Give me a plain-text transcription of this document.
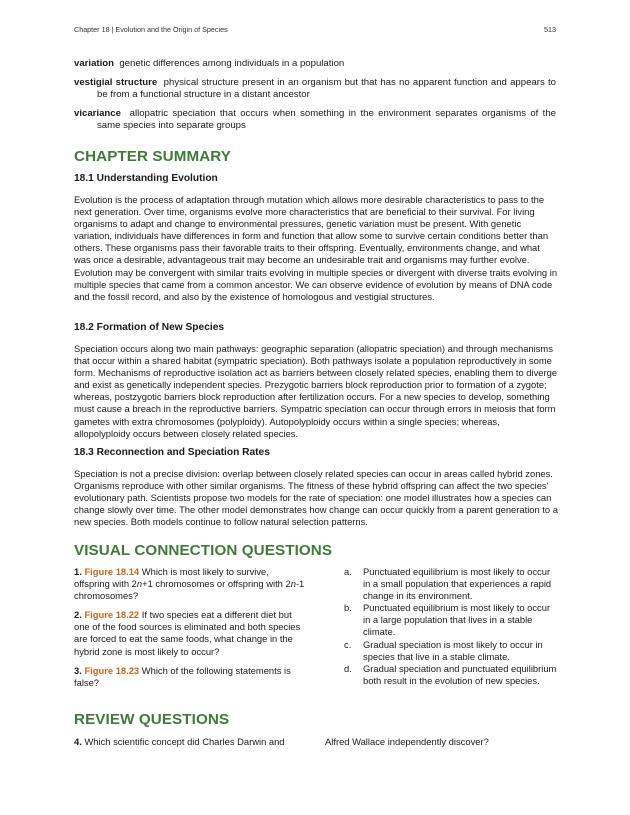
Chapter 18 | Evolution and the Origin of Species	513

variation genetic differences among individuals in a population

vestigial structure physical structure present in an organism but that has no apparent function and appears to be from a functional structure in a distant ancestor

vicariance allopatric speciation that occurs when something in the environment separates organisms of the same species into separate groups

CHAPTER SUMMARY
18.1 Understanding Evolution

Evolution is the process of adaptation through mutation which allows more desirable characteristics to pass to the next generation. Over time, organisms evolve more characteristics that are beneficial to their survival. For living organisms to adapt and change to environmental pressures, genetic variation must be present. With genetic variation, individuals have differences in form and function that allow some to survive certain conditions better than others. These organisms pass their favorable traits to their offspring. Eventually, environments change, and what was once a desirable, advantageous trait may become an undesirable trait and organisms may further evolve. Evolution may be convergent with similar traits evolving in multiple species or divergent with diverse traits evolving in multiple species that came from a common ancestor. We can observe evidence of evolution by means of DNA code and the fossil record, and also by the existence of homologous and vestigial structures.

18.2 Formation of New Species

Speciation occurs along two main pathways: geographic separation (allopatric speciation) and through mechanisms that occur within a shared habitat (sympatric speciation). Both pathways isolate a population reproductively in some form. Mechanisms of reproductive isolation act as barriers between closely related species, enabling them to diverge and exist as genetically independent species. Prezygotic barriers block reproduction prior to formation of a zygote; whereas, postzygotic barriers block reproduction after fertilization occurs. For a new species to develop, something must cause a breach in the reproductive barriers. Sympatric speciation can occur through errors in meiosis that form gametes with extra chromosomes (polyploidy). Autopolyploidy occurs within a single species; whereas, allopolyploidy occurs between closely related species.

18.3 Reconnection and Speciation Rates

Speciation is not a precise division: overlap between closely related species can occur in areas called hybrid zones. Organisms reproduce with other similar organisms. The fitness of these hybrid offspring can affect the two species' evolutionary path. Scientists propose two models for the rate of speciation: one model illustrates how a species can change slowly over time. The other model demonstrates how change can occur quickly from a parent generation to a new species. Both models continue to follow natural selection patterns.

VISUAL CONNECTION QUESTIONS

1. Figure 18.14 Which is most likely to survive, offspring with 2n+1 chromosomes or offspring with 2n-1 chromosomes?

2. Figure 18.22 If two species eat a different diet but one of the food sources is eliminated and both species are forced to eat the same foods, what change in the hybrid zone is most likely to occur?

3. Figure 18.23 Which of the following statements is false?

a. Punctuated equilibrium is most likely to occur in a small population that experiences a rapid change in its environment.

b. Punctuated equilibrium is most likely to occur in a large population that lives in a stable climate.

c. Gradual speciation is most likely to occur in species that live in a stable climate.

d. Gradual speciation and punctuated equilibrium both result in the evolution of new species.

REVIEW QUESTIONS

4. Which scientific concept did Charles Darwin and	Alfred Wallace independently discover?
